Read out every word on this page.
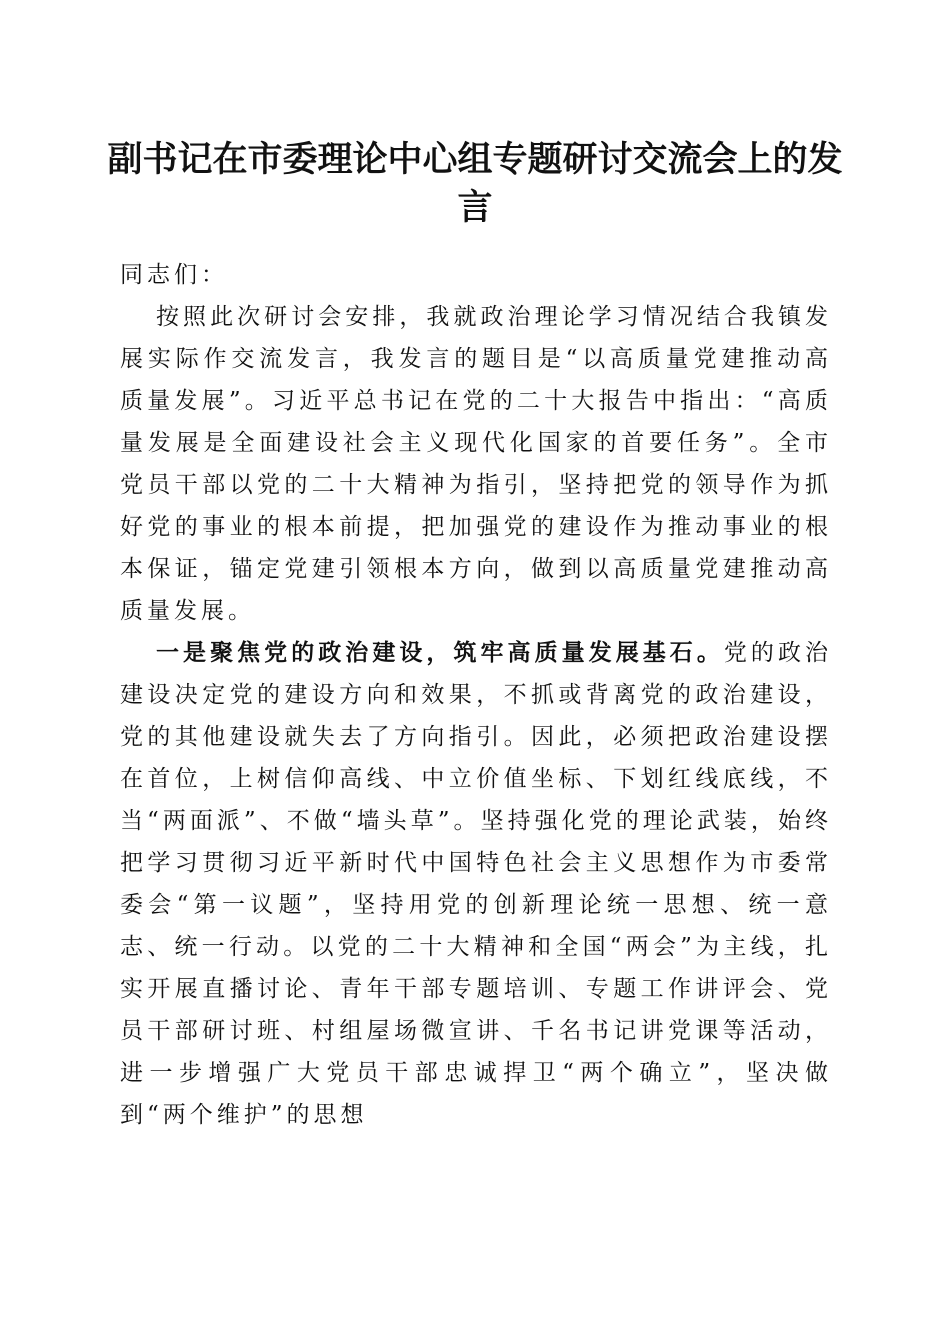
副书记在市委理论中心组专题研讨交流会上的发言

同志们：

按照此次研讨会安排，我就政治理论学习情况结合我镇发展实际作交流发言，我发言的题目是“以高质量党建推动高质量发展”。习近平总书记在党的二十大报告中指出：“高质量发展是全面建设社会主义现代化国家的首要任务”。全市党员干部以党的二十大精神为指引，坚持把党的领导作为抓好党的事业的根本前提，把加强党的建设作为推动事业的根本保证，锚定党建引领根本方向，做到以高质量党建推动高质量发展。

一是聚焦党的政治建设，筑牢高质量发展基石。党的政治建设决定党的建设方向和效果，不抓或背离党的政治建设，党的其他建设就失去了方向指引。因此，必须把政治建设摆在首位，上树信仰高线、中立价值坐标、下划红线底线，不当“两面派”、不做“墙头草”。坚持强化党的理论武装，始终把学习贯彻习近平新时代中国特色社会主义思想作为市委常委会“第一议题”，坚持用党的创新理论统一思想、统一意志、统一行动。以党的二十大精神和全国“两会”为主线，扎实开展直播讨论、青年干部专题培训、专题工作讲评会、党员干部研讨班、村组屋场微宣讲、千名书记讲党课等活动，进一步增强广大党员干部忠诚捍卫“两个确立”，坚决做到“两个维护”的思想
